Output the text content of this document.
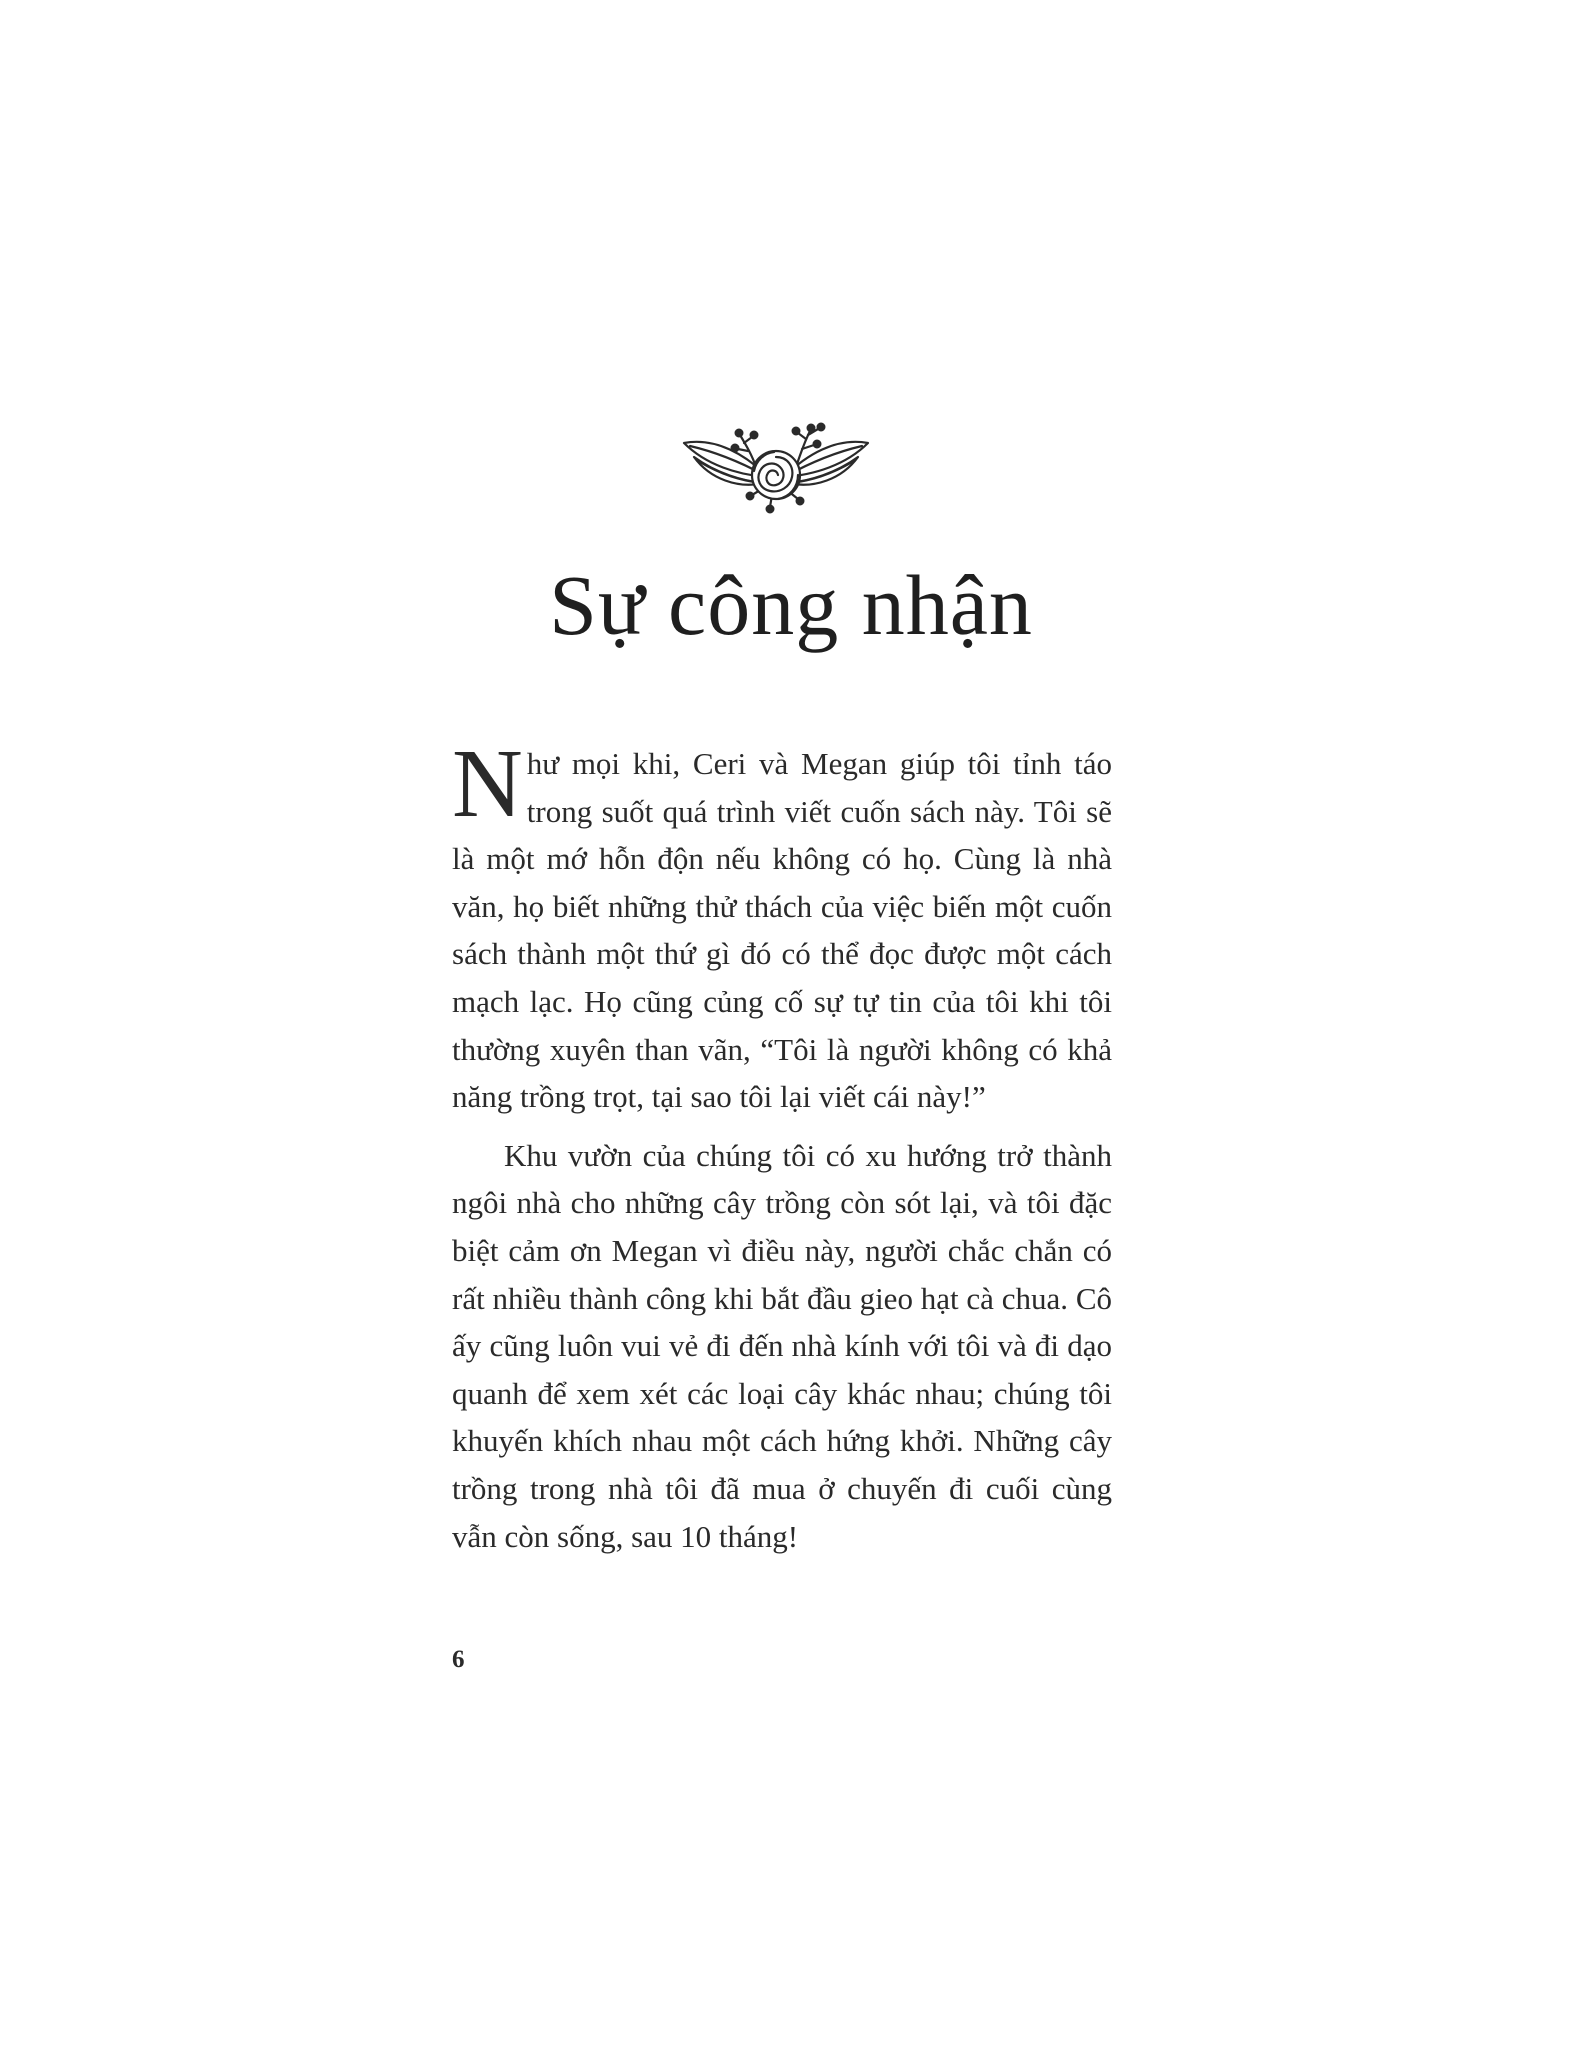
Sự công nhận

Như mọi khi, Ceri và Megan giúp tôi tỉnh táo trong suốt quá trình viết cuốn sách này. Tôi sẽ là một mớ hỗn độn nếu không có họ. Cùng là nhà văn, họ biết những thử thách của việc biến một cuốn sách thành một thứ gì đó có thể đọc được một cách mạch lạc. Họ cũng củng cố sự tự tin của tôi khi tôi thường xuyên than vãn, “Tôi là người không có khả năng trồng trọt, tại sao tôi lại viết cái này!”

Khu vườn của chúng tôi có xu hướng trở thành ngôi nhà cho những cây trồng còn sót lại, và tôi đặc biệt cảm ơn Megan vì điều này, người chắc chắn có rất nhiều thành công khi bắt đầu gieo hạt cà chua. Cô ấy cũng luôn vui vẻ đi đến nhà kính với tôi và đi dạo quanh để xem xét các loại cây khác nhau; chúng tôi khuyến khích nhau một cách hứng khởi. Những cây trồng trong nhà tôi đã mua ở chuyến đi cuối cùng vẫn còn sống, sau 10 tháng!

6
